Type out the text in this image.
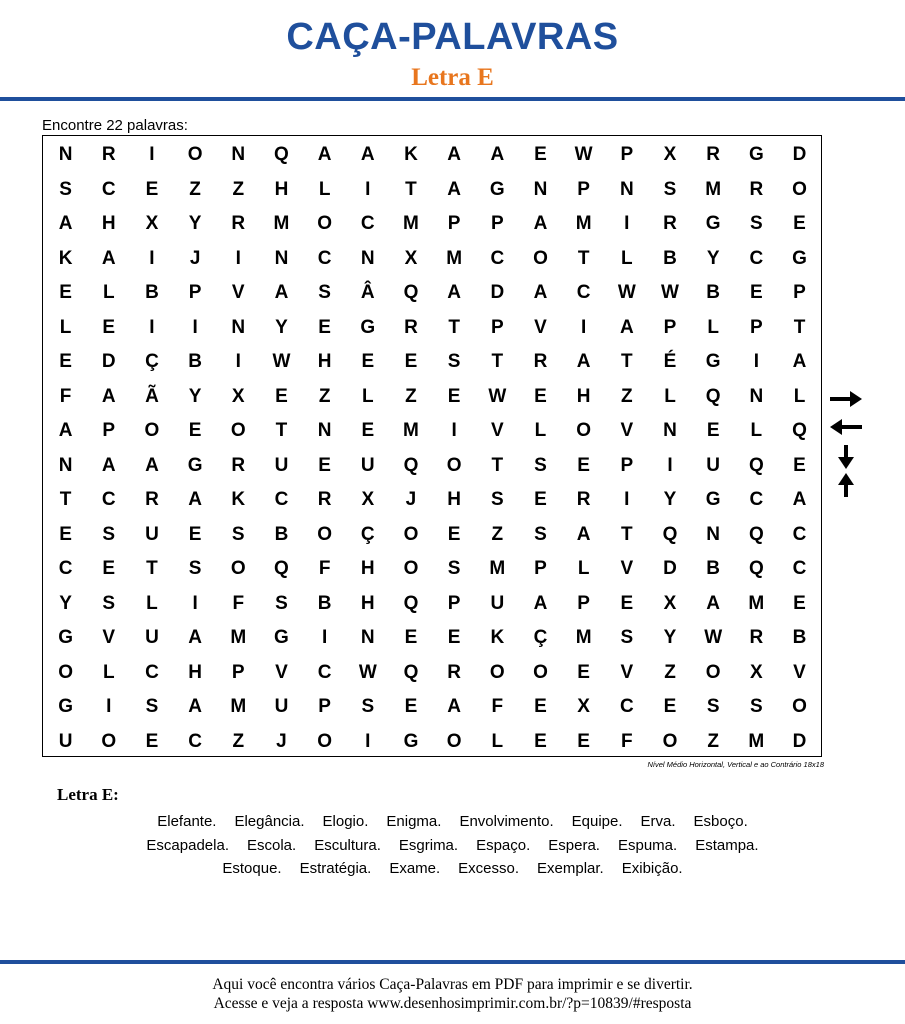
CAÇA-PALAVRAS
Letra E
Encontre 22 palavras:
N	R	I	O	N	Q	A	A	K	A	A	E	W	P	X	R	G	D
S	C	E	Z	Z	H	L	I	T	A	G	N	P	N	S	M	R	O
A	H	X	Y	R	M	O	C	M	P	P	A	M	I	R	G	S	E
K	A	I	J	I	N	C	N	X	M	C	O	T	L	B	Y	C	G
E	L	B	P	V	A	S	Â	Q	A	D	A	C	W	W	B	E	P
L	E	I	I	N	Y	E	G	R	T	P	V	I	A	P	L	P	T
E	D	Ç	B	I	W	H	E	E	S	T	R	A	T	É	G	I	A
F	A	Ã	Y	X	E	Z	L	Z	E	W	E	H	Z	L	Q	N	L
A	P	O	E	O	T	N	E	M	I	V	L	O	V	N	E	L	Q
N	A	A	G	R	U	E	U	Q	O	T	S	E	P	I	U	Q	E
T	C	R	A	K	C	R	X	J	H	S	E	R	I	Y	G	C	A
E	S	U	E	S	B	O	Ç	O	E	Z	S	A	T	Q	N	Q	C
C	E	T	S	O	Q	F	H	O	S	M	P	L	V	D	B	Q	C
Y	S	L	I	F	S	B	H	Q	P	U	A	P	E	X	A	M	E
G	V	U	A	M	G	I	N	E	E	K	Ç	M	S	Y	W	R	B
O	L	C	H	P	V	C	W	Q	R	O	O	E	V	Z	O	X	V
G	I	S	A	M	U	P	S	E	A	F	E	X	C	E	S	S	O
U	O	E	C	Z	J	O	I	G	O	L	E	E	F	O	Z	M	D
Nível Médio Horizontal, Vertical e ao Contrário 18x18
Letra E:
Elefante. Elegância. Elogio. Enigma. Envolvimento. Equipe. Erva. Esboço.
Escapadela. Escola. Escultura. Esgrima. Espaço. Espera. Espuma. Estampa.
Estoque. Estratégia. Exame. Excesso. Exemplar. Exibição.
Aqui você encontra vários Caça-Palavras em PDF para imprimir e se divertir.
Acesse e veja a resposta www.desenhosimprimir.com.br/?p=10839/#resposta
